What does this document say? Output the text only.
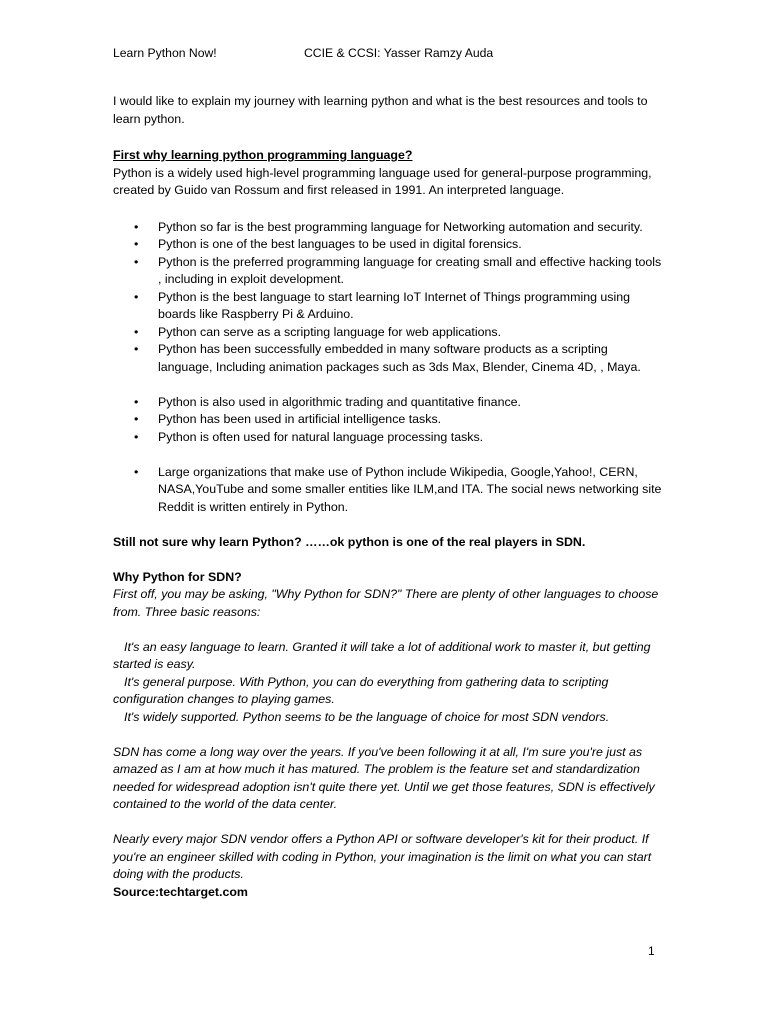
Learn Python Now!	CCIE & CCSI: Yasser Ramzy Auda

I would like to explain my journey with learning python and what is the best resources and tools to learn python.

First why learning python programming language?

Python is a widely used high-level programming language used for general-purpose programming, created by Guido van Rossum and first released in 1991. An interpreted language.

• Python so far is the best programming language for Networking automation and security.
• Python is one of the best languages to be used in digital forensics.
• Python is the preferred programming language for creating small and effective hacking tools , including in exploit development.
• Python is the best language to start learning IoT Internet of Things programming using boards like Raspberry Pi & Arduino.
• Python can serve as a scripting language for web applications.
• Python has been successfully embedded in many software products as a scripting language, Including animation packages such as 3ds Max, Blender, Cinema 4D, , Maya.
• Python is also used in algorithmic trading and quantitative finance.
• Python has been used in artificial intelligence tasks.
• Python is often used for natural language processing tasks.
• Large organizations that make use of Python include Wikipedia, Google,Yahoo!, CERN, NASA,YouTube and some smaller entities like ILM,and ITA. The social news networking site Reddit is written entirely in Python.

Still not sure why learn Python? ……ok python is one of the real players in SDN.

Why Python for SDN?

First off, you may be asking, "Why Python for SDN?" There are plenty of other languages to choose from. Three basic reasons:

It's an easy language to learn. Granted it will take a lot of additional work to master it, but getting started is easy.

It's general purpose. With Python, you can do everything from gathering data to scripting configuration changes to playing games.

It's widely supported. Python seems to be the language of choice for most SDN vendors.

SDN has come a long way over the years. If you've been following it at all, I'm sure you're just as amazed as I am at how much it has matured. The problem is the feature set and standardization needed for widespread adoption isn't quite there yet. Until we get those features, SDN is effectively contained to the world of the data center.

Nearly every major SDN vendor offers a Python API or software developer's kit for their product. If you're an engineer skilled with coding in Python, your imagination is the limit on what you can start doing with the products.

Source:techtarget.com

1
